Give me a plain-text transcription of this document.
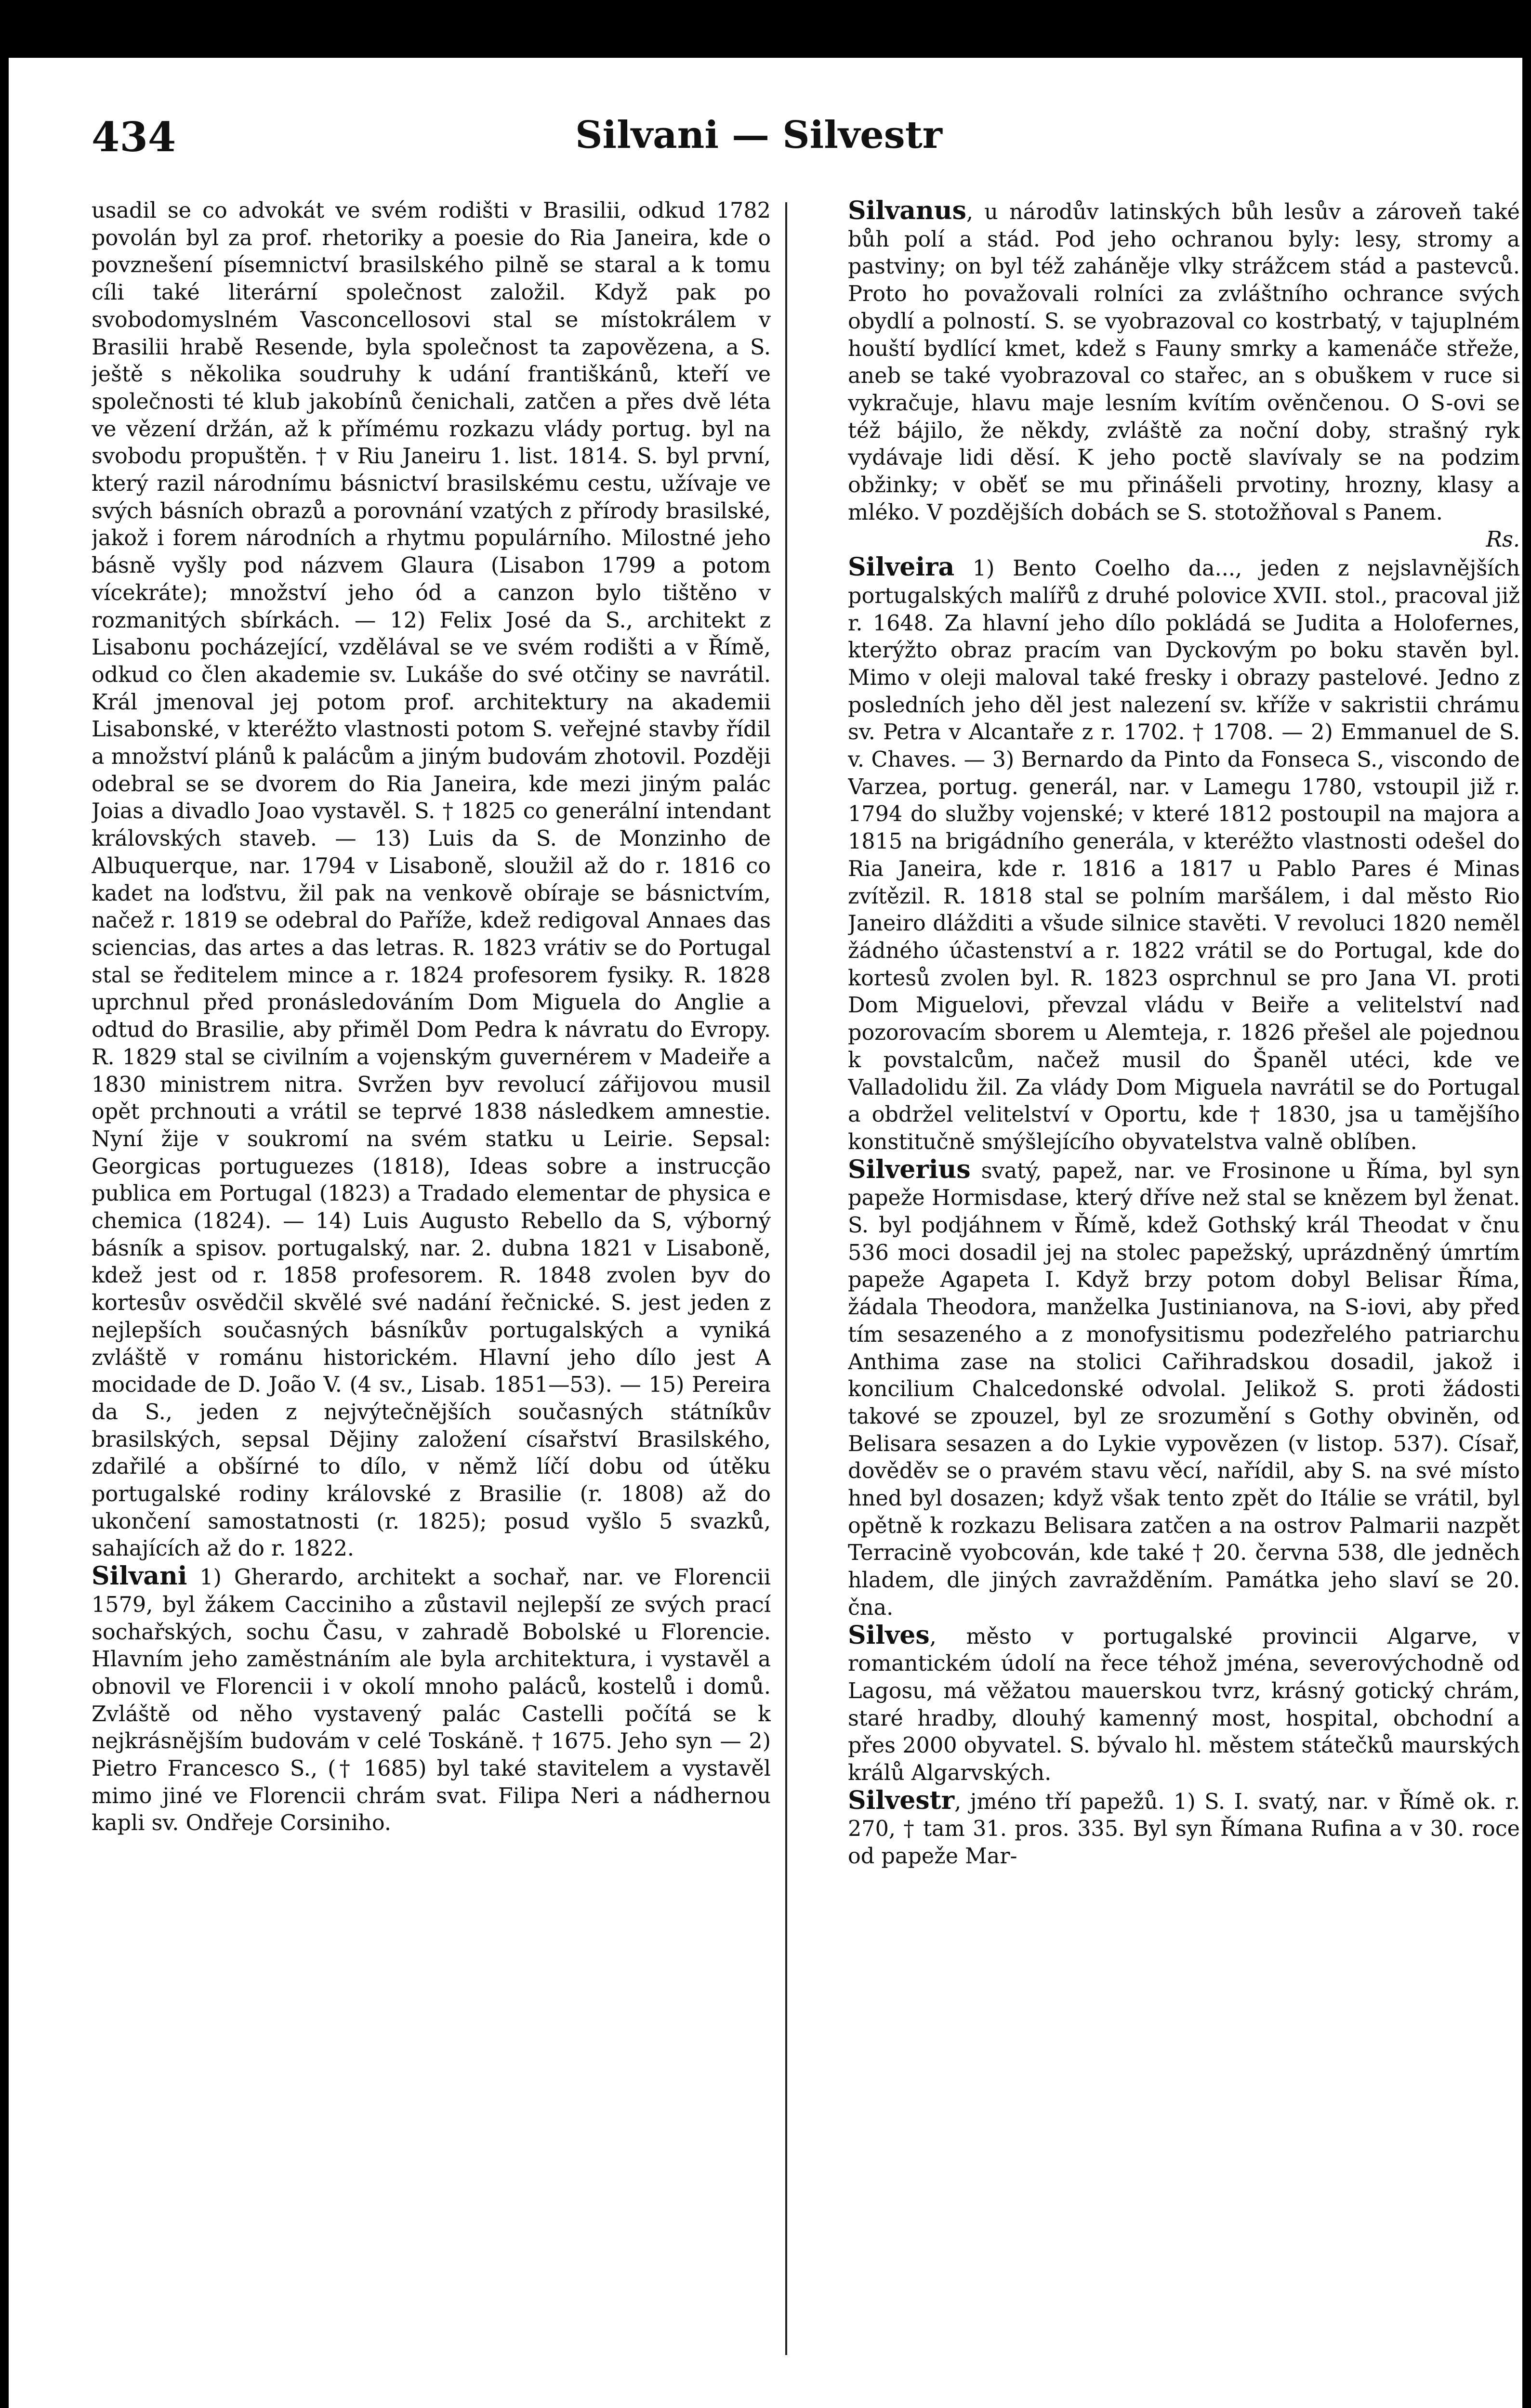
434	Silvani — Silvestr

usadil se co advokát ve svém rodišti v Brasilii, odkud 1782 povolán byl za prof. rhetoriky a poesie do Ria Janeira, kde o povznešení písemnictví brasilského pilně se staral a k tomu cíli také literární společnost založil. Když pak po svobodomyslném Vasconcellosovi stal se místokrálem v Brasilii hrabě Resende, byla společnost ta zapovězena, a S. ještě s několika soudruhy k udání františkánů, kteří ve společnosti té klub jakobínů čenichali, zatčen a přes dvě léta ve vězení držán, až k přímému rozkazu vlády portug. byl na svobodu propuštěn. † v Riu Janeiru 1. list. 1814. S. byl první, který razil národnímu básnictví brasilskému cestu, užívaje ve svých básních obrazů a porovnání vzatých z přírody brasilské, jakož i forem národních a rhytmu populárního. Milostné jeho básně vyšly pod názvem Glaura (Lisabon 1799 a potom vícekráte); množství jeho ód a canzon bylo tištěno v rozmanitých sbírkách. — 12) Felix José da S., architekt z Lisabonu pocházející, vzdělával se ve svém rodišti a v Římě, odkud co člen akademie sv. Lukáše do své otčiny se navrátil. Král jmenoval jej potom prof. architektury na akademii Lisabonské, v kteréžto vlastnosti potom S. veřejné stavby řídil a množství plánů k palácům a jiným budovám zhotovil. Později odebral se se dvorem do Ria Janeira, kde mezi jiným palác Joias a divadlo Joao vystavěl. S. † 1825 co generální intendant královských staveb. — 13) Luis da S. de Monzinho de Albuquerque, nar. 1794 v Lisaboně, sloužil až do r. 1816 co kadet na loďstvu, žil pak na venkově obíraje se básnictvím, načež r. 1819 se odebral do Paříže, kdež redigoval Annaes das sciencias, das artes a das letras. R. 1823 vrátiv se do Portugal stal se ředitelem mince a r. 1824 profesorem fysiky. R. 1828 uprchnul před pronásledováním Dom Miguela do Anglie a odtud do Brasilie, aby přiměl Dom Pedra k návratu do Evropy. R. 1829 stal se civilním a vojenským guvernérem v Madeiře a 1830 ministrem nitra. Svržen byv revolucí zářijovou musil opět prchnouti a vrátil se teprvé 1838 následkem amnestie. Nyní žije v soukromí na svém statku u Leirie. Sepsal: Georgicas portuguezes (1818), Ideas sobre a instrucção publica em Portugal (1823) a Tradado elementar de physica e chemica (1824). — 14) Luis Augusto Rebello da S, výborný básník a spisov. portugalský, nar. 2. dubna 1821 v Lisaboně, kdež jest od r. 1858 profesorem. R. 1848 zvolen byv do kortesův osvědčil skvělé své nadání řečnické. S. jest jeden z nejlepších současných básníkův portugalských a vyniká zvláště v románu historickém. Hlavní jeho dílo jest A mocidade de D. João V. (4 sv., Lisab. 1851—53). — 15) Pereira da S., jeden z nejvýtečnějších současných státníkův brasilských, sepsal Dějiny založení císařství Brasilského, zdařilé a obšírné to dílo, v němž líčí dobu od útěku portugalské rodiny královské z Brasilie (r. 1808) až do ukončení samostatnosti (r. 1825); posud vyšlo 5 svazků, sahajících až do r. 1822.

Silvani 1) Gherardo, architekt a sochař, nar. ve Florencii 1579, byl žákem Cacciniho a zůstavil nejlepší ze svých prací sochařských, sochu Času, v zahradě Bobolské u Florencie. Hlavním jeho zaměstnáním ale byla architektura, i vystavěl a obnovil ve Florencii i v okolí mnoho paláců, kostelů i domů. Zvláště od něho vystavený palác Castelli počítá se k nejkrásnějším budovám v celé Toskáně. † 1675. Jeho syn — 2) Pietro Francesco S., († 1685) byl také stavitelem a vystavěl mimo jiné ve Florencii chrám svat. Filipa Neri a nádhernou kapli sv. Ondřeje Corsiniho.

Silvanus, u národův latinských bůh lesův a zároveň také bůh polí a stád. Pod jeho ochranou byly: lesy, stromy a pastviny; on byl též zaháněje vlky strážcem stád a pastevců. Proto ho považovali rolníci za zvláštního ochrance svých obydlí a polností. S. se vyobrazoval co kostrbatý, v tajuplném houští bydlící kmet, kdež s Fauny smrky a kamenáče střeže, aneb se také vyobrazoval co stařec, an s obuškem v ruce si vykračuje, hlavu maje lesním kvítím ověnčenou. O S-ovi se též bájilo, že někdy, zvláště za noční doby, strašný ryk vydávaje lidi děsí. K jeho poctě slavívaly se na podzim obžinky; v oběť se mu přinášeli prvotiny, hrozny, klasy a mléko. V pozdějších dobách se S. stotožňoval s Panem.

Rs.

Silveira 1) Bento Coelho da..., jeden z nejslavnějších portugalských malířů z druhé polovice XVII. stol., pracoval již r. 1648. Za hlavní jeho dílo pokládá se Judita a Holofernes, kterýžto obraz pracím van Dyckovým po boku stavěn byl. Mimo v oleji maloval také fresky i obrazy pastelové. Jedno z posledních jeho děl jest nalezení sv. kříže v sakristii chrámu sv. Petra v Alcantaře z r. 1702. † 1708. — 2) Emmanuel de S. v. Chaves. — 3) Bernardo da Pinto da Fonseca S., viscondo de Varzea, portug. generál, nar. v Lamegu 1780, vstoupil již r. 1794 do služby vojenské; v které 1812 postoupil na majora a 1815 na brigádního generála, v kteréžto vlastnosti odešel do Ria Janeira, kde r. 1816 a 1817 u Pablo Pares é Minas zvítězil. R. 1818 stal se polním maršálem, i dal město Rio Janeiro dlážditi a všude silnice stavěti. V revoluci 1820 neměl žádného účastenství a r. 1822 vrátil se do Portugal, kde do kortesů zvolen byl. R. 1823 osprchnul se pro Jana VI. proti Dom Miguelovi, převzal vládu v Beiře a velitelství nad pozorovacím sborem u Alemteja, r. 1826 přešel ale pojednou k povstalcům, načež musil do Španěl utéci, kde ve Valladolidu žil. Za vlády Dom Miguela navrátil se do Portugal a obdržel velitelství v Oportu, kde † 1830, jsa u tamějšího konstitučně smýšlejícího obyvatelstva valně oblíben.

Silverius svatý, papež, nar. ve Frosinone u Říma, byl syn papeže Hormisdase, který dříve než stal se knězem byl ženat. S. byl podjáhnem v Římě, kdež Gothský král Theodat v čnu 536 moci dosadil jej na stolec papežský, uprázdněný úmrtím papeže Agapeta I. Když brzy potom dobyl Belisar Říma, žádala Theodora, manželka Justinianova, na S-iovi, aby před tím sesazeného a z monofysitismu podezřelého patriarchu Anthima zase na stolici Cařihradskou dosadil, jakož i koncilium Chalcedonské odvolal. Jelikož S. proti žádosti takové se zpouzel, byl ze srozumění s Gothy obviněn, od Belisara sesazen a do Lykie vypovězen (v listop. 537). Císař, dověděv se o pravém stavu věcí, nařídil, aby S. na své místo hned byl dosazen; když však tento zpět do Itálie se vrátil, byl opětně k rozkazu Belisara zatčen a na ostrov Palmarii nazpět Terracině vyobcován, kde také † 20. června 538, dle jedněch hladem, dle jiných zavražděním. Památka jeho slaví se 20. čna.

Silves, město v portugalské provincii Algarve, v romantickém údolí na řece téhož jména, severovýchodně od Lagosu, má věžatou mauerskou tvrz, krásný gotický chrám, staré hradby, dlouhý kamenný most, hospital, obchodní a přes 2000 obyvatel. S. bývalo hl. městem státečků maurských králů Algarvských.

Silvestr, jméno tří papežů. 1) S. I. svatý, nar. v Římě ok. r. 270, † tam 31. pros. 335. Byl syn Římana Rufina a v 30. roce od papeže Mar-
